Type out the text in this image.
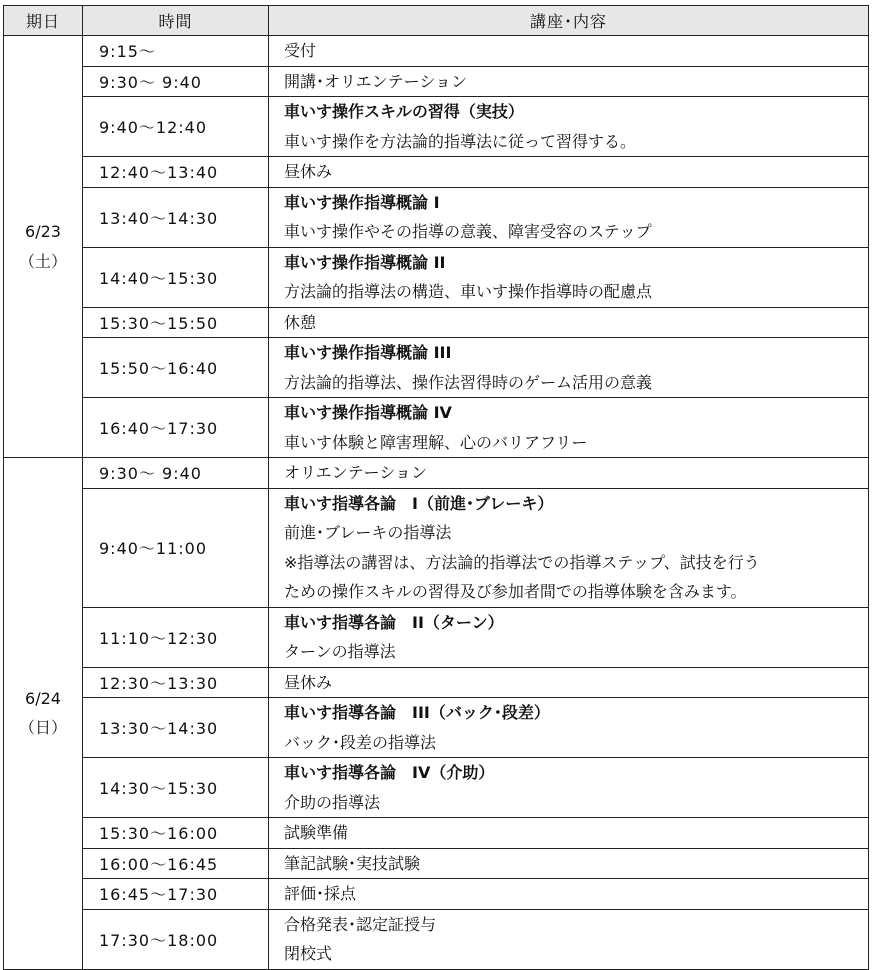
期日	時間	講座･内容

6/23
（土）	9:15〜	受付

	9:30〜 9:40	開講･オリエンテーション

	9:40〜12:40	車いす操作スキルの習得（実技）
車いす操作を方法論的指導法に従って習得する。

	12:40〜13:40	昼休み

	13:40〜14:30	車いす操作指導概論 I
車いす操作やその指導の意義、障害受容のステップ

	14:40〜15:30	車いす操作指導概論 II
方法論的指導法の構造、車いす操作指導時の配慮点

	15:30〜15:50	休憩

	15:50〜16:40	車いす操作指導概論 III
方法論的指導法、操作法習得時のゲーム活用の意義

	16:40〜17:30	車いす操作指導概論 IV
車いす体験と障害理解、心のバリアフリー

6/24
（日）	9:30〜 9:40	オリエンテーション

	9:40〜11:00	車いす指導各論　I（前進･ブレーキ）
前進･ブレーキの指導法
※指導法の講習は、方法論的指導法での指導ステップ、試技を行う
ための操作スキルの習得及び参加者間での指導体験を含みます。

	11:10〜12:30	車いす指導各論　II（ターン）
ターンの指導法

	12:30〜13:30	昼休み

	13:30〜14:30	車いす指導各論　III（バック･段差）
バック･段差の指導法

	14:30〜15:30	車いす指導各論　IV（介助）
介助の指導法

	15:30〜16:00	試験準備

	16:00〜16:45	筆記試験･実技試験

	16:45〜17:30	評価･採点

	17:30〜18:00	合格発表･認定証授与
閉校式
